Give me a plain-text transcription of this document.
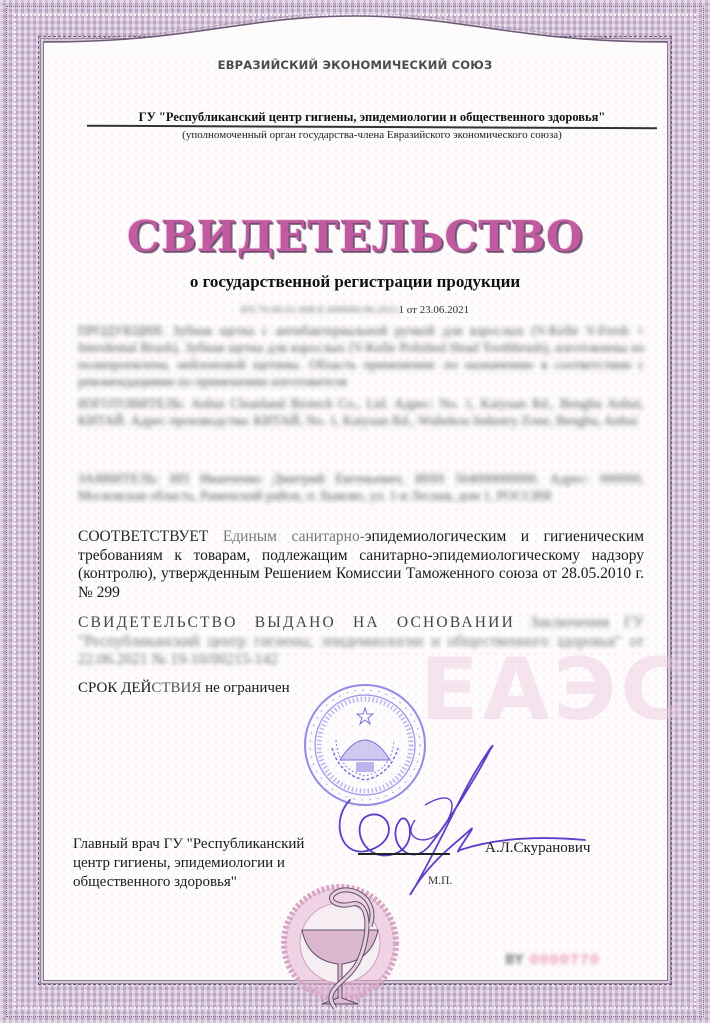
ЕАЭС
ЕВРАЗИЙСКИЙ ЭКОНОМИЧЕСКИЙ СОЮЗ
ГУ "Республиканский центр гигиены, эпидемиологии и общественного здоровья"
(уполномоченный орган государства-члена Евразийского экономического союза)
СВИДЕТЕЛЬСТВО
о государственной регистрации продукции
BY.70.06.01.008.E.000000.06.20211 от 23.06.2021
ПРОДУКЦИЯ: Зубная щетка с антибактериальной ручкой для взрослых (V-Kelle V-Fresh + Interdental Brush), Зубная щетка для взрослых (V-Kelle Polished Head Toothbrush), изготовлены из полипропилена, нейлоновой щетины. Область применения: по назначению в соответствии с рекомендациями по применению изготовителя
ИЗГОТОВИТЕЛЬ: Anhui Cleanland Biotech Co., Ltd. Адрес: No. 1, Kaiyuan Rd., Bengbu Anhui, КИТАЙ. Адрес производства: КИТАЙ, No. 1, Kaiyuan Rd., Wuhekou Industry Zone, Bengbu, Anhui
ЗАЯВИТЕЛЬ: ИП Иванченко Дмитрий Евгеньевич, ИНН 504000000000. Адрес: 000000, Московская область, Раменский район, п. Быково, ул. 1-я Лесная, дом 1, РОССИЯ
СООТВЕТСТВУЕТ Единым санитарно-эпидемиологическим и гигиеническим требованиям к товарам, подлежащим санитарно-эпидемиологическому надзору (контролю), утвержденным Решением Комиссии Таможенного союза от 28.05.2010 г. № 299
СВИДЕТЕЛЬСТВО ВЫДАНО НА ОСНОВАНИИ Заключения ГУ "Республиканский центр гигиены, эпидемиологии и общественного здоровья" от 22.06.2021 № 19-10/00215-142
СРОК ДЕЙСТВИЯ не ограничен
Главный врач ГУ "Республиканский центр гигиены, эпидемиологии и общественного здоровья"
А.Л.Скуранович
М.П.
BY 0000770
